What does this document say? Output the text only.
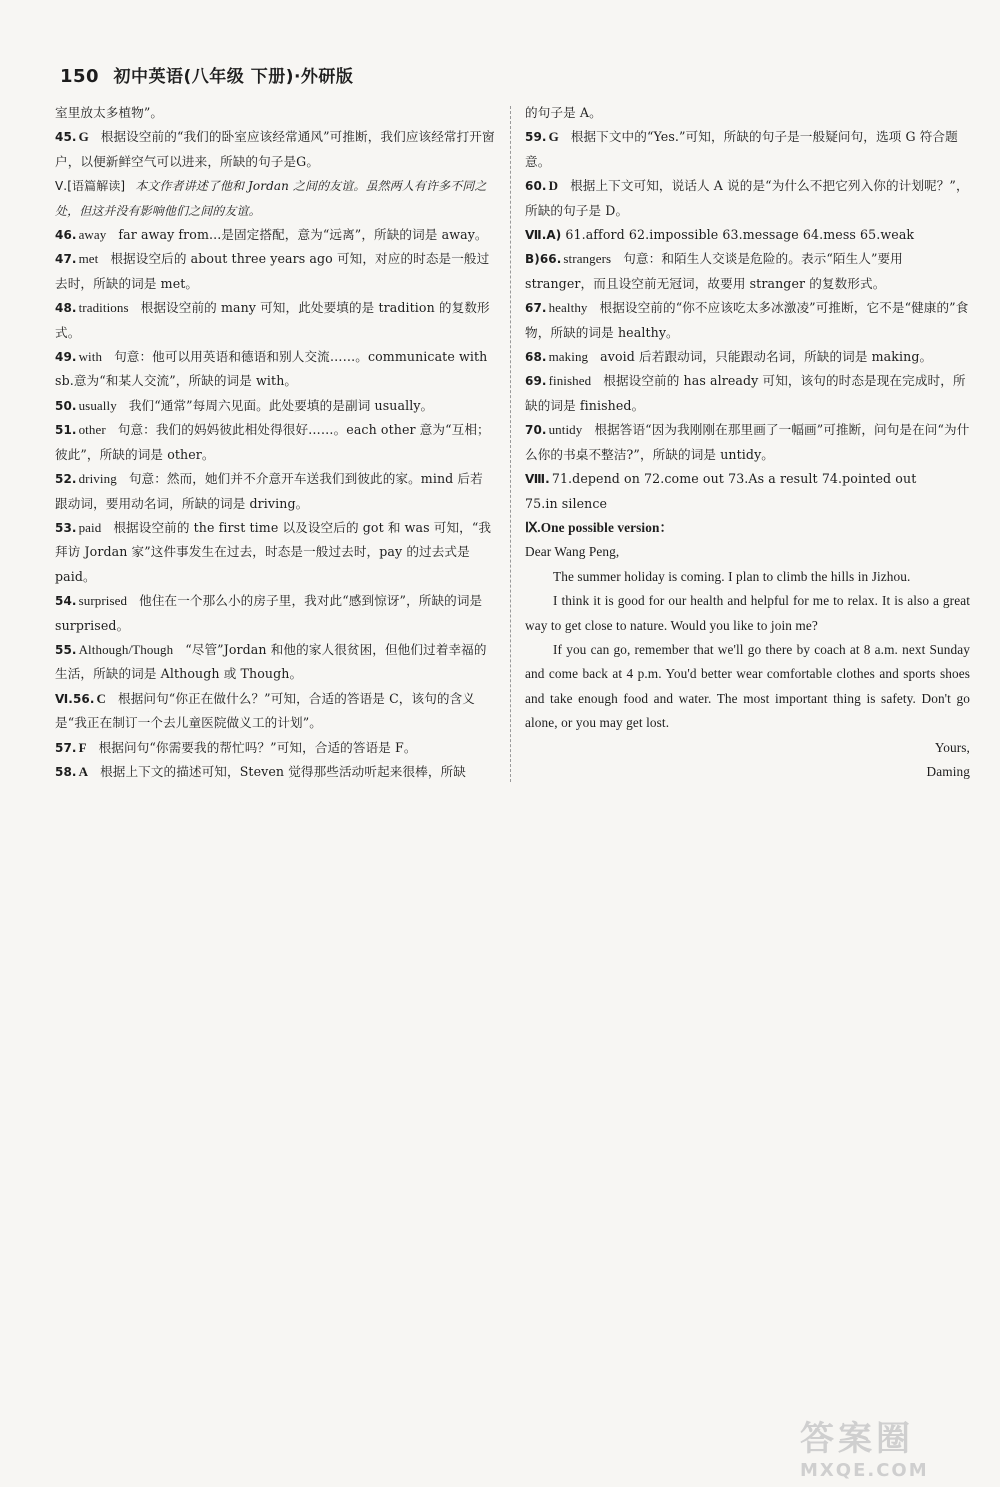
150 初中英语(八年级 下册)·外研版
室里放太多植物”。
45. G 根据设空前的“我们的卧室应该经常通风”可推断，我们应该经常打开窗户，以便新鲜空气可以进来，所缺的句子是G。
Ⅴ.[语篇解读] 本文作者讲述了他和 Jordan 之间的友谊。虽然两人有许多不同之处，但这并没有影响他们之间的友谊。
46. away far away from...是固定搭配，意为“远离”，所缺的词是 away。
47. met 根据设空后的 about three years ago 可知，对应的时态是一般过去时，所缺的词是 met。
48. traditions 根据设空前的 many 可知，此处要填的是 tradition 的复数形式。
49. with 句意：他可以用英语和德语和别人交流……。communicate with sb.意为“和某人交流”，所缺的词是 with。
50. usually 我们“通常”每周六见面。此处要填的是副词 usually。
51. other 句意：我们的妈妈彼此相处得很好……。each other 意为“互相；彼此”，所缺的词是 other。
52. driving 句意：然而，她们并不介意开车送我们到彼此的家。mind 后若跟动词，要用动名词，所缺的词是 driving。
53. paid 根据设空前的 the first time 以及设空后的 got 和 was 可知，“我拜访 Jordan 家”这件事发生在过去，时态是一般过去时，pay 的过去式是 paid。
54. surprised 他住在一个那么小的房子里，我对此“感到惊讶”，所缺的词是 surprised。
55. Although/Though “尽管”Jordan 和他的家人很贫困，但他们过着幸福的生活，所缺的词是 Although 或 Though。
Ⅵ.56. C 根据问句“你正在做什么？”可知，合适的答语是 C，该句的含义是“我正在制订一个去儿童医院做义工的计划”。
57. F 根据问句“你需要我的帮忙吗？”可知，合适的答语是 F。
58. A 根据上下文的描述可知，Steven 觉得那些活动听起来很棒，所缺
的句子是 A。
59. G 根据下文中的“Yes.”可知，所缺的句子是一般疑问句，选项 G 符合题意。
60. D 根据上下文可知，说话人 A 说的是“为什么不把它列入你的计划呢？”，所缺的句子是 D。
Ⅶ.A) 61.afford 62.impossible 63.message 64.mess 65.weak
B)66. strangers 句意：和陌生人交谈是危险的。表示“陌生人”要用 stranger，而且设空前无冠词，故要用 stranger 的复数形式。
67. healthy 根据设空前的“你不应该吃太多冰激凌”可推断，它不是“健康的”食物，所缺的词是 healthy。
68. making avoid 后若跟动词，只能跟动名词，所缺的词是 making。
69. finished 根据设空前的 has already 可知，该句的时态是现在完成时，所缺的词是 finished。
70. untidy 根据答语“因为我刚刚在那里画了一幅画”可推断，问句是在问“为什么你的书桌不整洁?”，所缺的词是 untidy。
Ⅷ. 71.depend on 72.come out 73.As a result 74.pointed out
75.in silence

Ⅸ.One possible version：

Dear Wang Peng,

The summer holiday is coming. I plan to climb the hills in Jizhou.

I think it is good for our health and helpful for me to relax. It is also a great way to get close to nature. Would you like to join me?

If you can go, remember that we'll go there by coach at 8 a.m. next Sunday and come back at 4 p.m. You'd better wear comfortable clothes and sports shoes and take enough food and water. The most important thing is safety. Don't go alone, or you may get lost.

Yours,

Daming

答案圈
MXQE.COM
